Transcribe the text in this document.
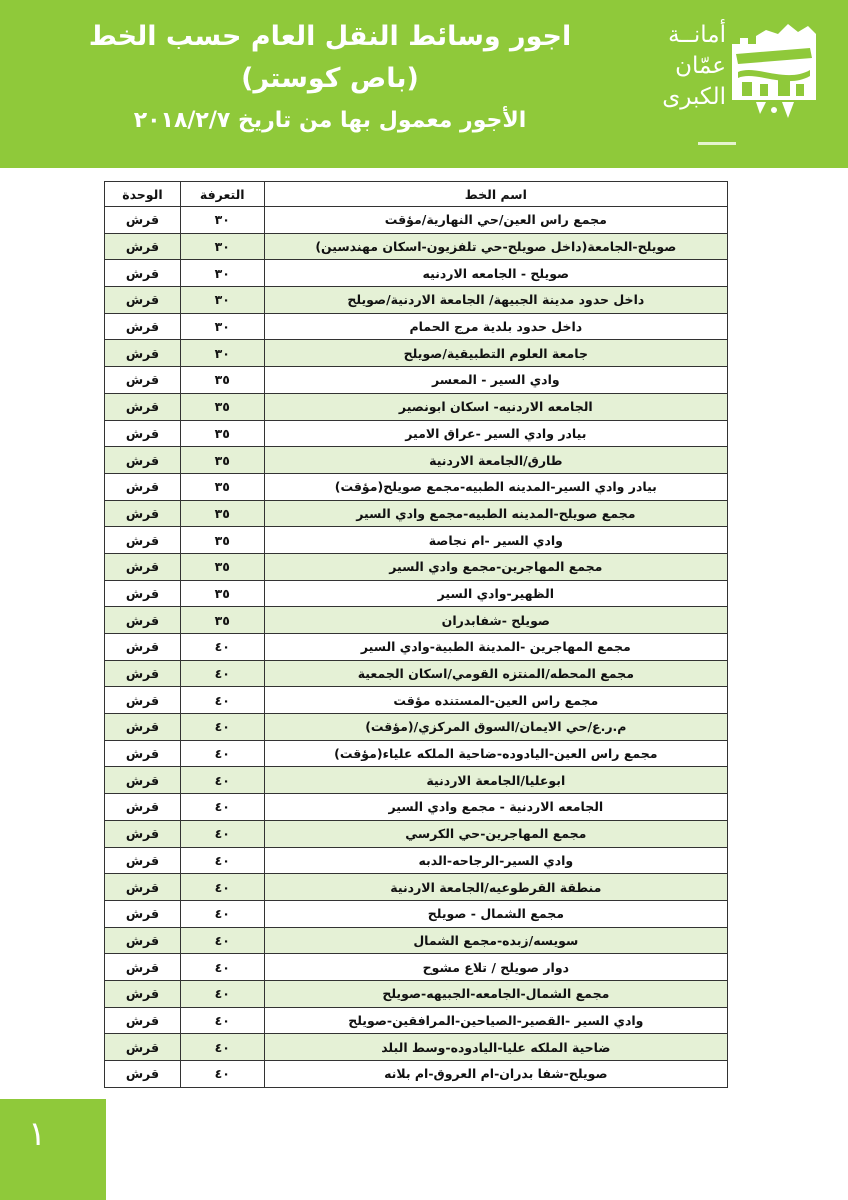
اجور وسائط النقل العام حسب الخط
(باص كوستر)
الأجور معمول بها من تاريخ ٢٠١٨/٢/٧
أمانــة
عمّان
الكبرى
اسم الخط	التعرفة	الوحدة
مجمع راس العين/حي النهارية/مؤقت	٣٠	قرش
صويلح-الجامعة(داخل صويلح-حي تلفزيون-اسكان مهندسين)	٣٠	قرش
صويلح - الجامعه الاردنيه	٣٠	قرش
داخل حدود مدينة الجبيهة/ الجامعة الاردنية/صويلح	٣٠	قرش
داخل حدود بلدية مرج الحمام	٣٠	قرش
جامعة العلوم التطبيقية/صويلح	٣٠	قرش
وادي السير - المعسر	٣٥	قرش
الجامعه الاردنيه- اسكان ابونصير	٣٥	قرش
بيادر وادي السير -عراق الامير	٣٥	قرش
طارق/الجامعة الاردنية	٣٥	قرش
بيادر وادي السير-المدينه الطبيه-مجمع صويلح(مؤقت)	٣٥	قرش
مجمع صويلح-المدينه الطبيه-مجمع وادي السير	٣٥	قرش
وادي السير -ام نجاصة	٣٥	قرش
مجمع المهاجرين-مجمع وادي السير	٣٥	قرش
الظهير-وادي السير	٣٥	قرش
صويلح -شفابدران	٣٥	قرش
مجمع المهاجرين -المدينة الطبية-وادي السير	٤٠	قرش
مجمع المحطه/المنتزه القومي/اسكان الجمعية	٤٠	قرش
مجمع راس العين-المستنده مؤقت	٤٠	قرش
م.ر.ع/حي الايمان/السوق المركزي/(مؤقت)	٤٠	قرش
مجمع راس العين-اليادوده-ضاحية الملكه علياء(مؤقت)	٤٠	قرش
ابوعليا/الجامعة الاردنية	٤٠	قرش
الجامعه الاردنية - مجمع وادي السير	٤٠	قرش
مجمع المهاجرين-حي الكرسي	٤٠	قرش
وادي السير-الرجاحه-الدبه	٤٠	قرش
منطقة القرطوعيه/الجامعة الاردنية	٤٠	قرش
مجمع الشمال - صويلح	٤٠	قرش
سويسه/زبده-مجمع الشمال	٤٠	قرش
دوار صويلح / تلاع مشوح	٤٠	قرش
مجمع الشمال-الجامعه-الجبيهه-صويلح	٤٠	قرش
وادي السير -القصير-الصياحين-المرافقين-صويلح	٤٠	قرش
ضاحية الملكه عليا-اليادوده-وسط البلد	٤٠	قرش
صويلح-شفا بدران-ام العروق-ام بلانه	٤٠	قرش
١
